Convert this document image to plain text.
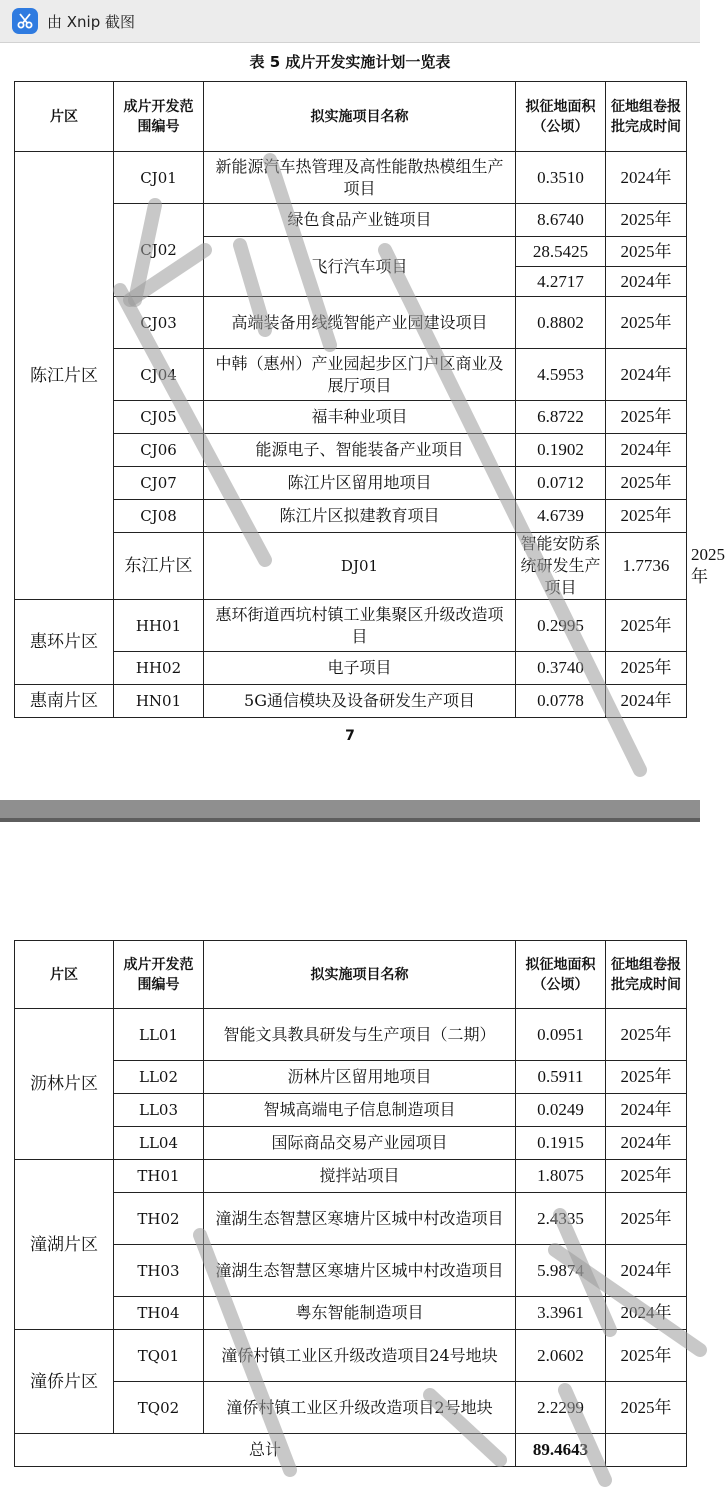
由 Xnip 截图
表 5 成片开发实施计划一览表
片区	成片开发范围编号	拟实施项目名称	拟征地面积（公顷）	征地组卷报批完成时间	
陈江片区	CJ01	新能源汽车热管理及高性能散热模组生产项目	0.3510	2024年	
	CJ02	绿色食品产业链项目	8.6740	2025年	
		飞行汽车项目	28.5425	2025年	
			4.2717	2024年	
	CJ03	高端装备用线缆智能产业园建设项目	0.8802	2025年	
	CJ04	中韩（惠州）产业园起步区门户区商业及展厅项目	4.5953	2024年	
	CJ05	福丰种业项目	6.8722	2025年	
	CJ06	能源电子、智能装备产业项目	0.1902	2024年	
	CJ07	陈江片区留用地项目	0.0712	2025年	
	CJ08	陈江片区拟建教育项目	4.6739	2025年	
	东江片区	DJ01	智能安防系统研发生产项目	1.7736	2025年
惠环片区	HH01	惠环街道西坑村镇工业集聚区升级改造项目	0.2995	2025年	
	HH02	电子项目	0.3740	2025年	
惠南片区	HN01	5G通信模块及设备研发生产项目	0.0778	2024年	
7
片区	成片开发范围编号	拟实施项目名称	拟征地面积（公顷）	征地组卷报批完成时间
沥林片区	LL01	智能文具教具研发与生产项目（二期）	0.0951	2025年
	LL02	沥林片区留用地项目	0.5911	2025年
	LL03	智城高端电子信息制造项目	0.0249	2024年
	LL04	国际商品交易产业园项目	0.1915	2024年
潼湖片区	TH01	搅拌站项目	1.8075	2025年
	TH02	潼湖生态智慧区寒塘片区城中村改造项目	2.4335	2025年
	TH03	潼湖生态智慧区寒塘片区城中村改造项目	5.9874	2024年
	TH04	粤东智能制造项目	3.3961	2024年
潼侨片区	TQ01	潼侨村镇工业区升级改造项目24号地块	2.0602	2025年
	TQ02	潼侨村镇工业区升级改造项目2号地块	2.2299	2025年
总计			89.4643	
